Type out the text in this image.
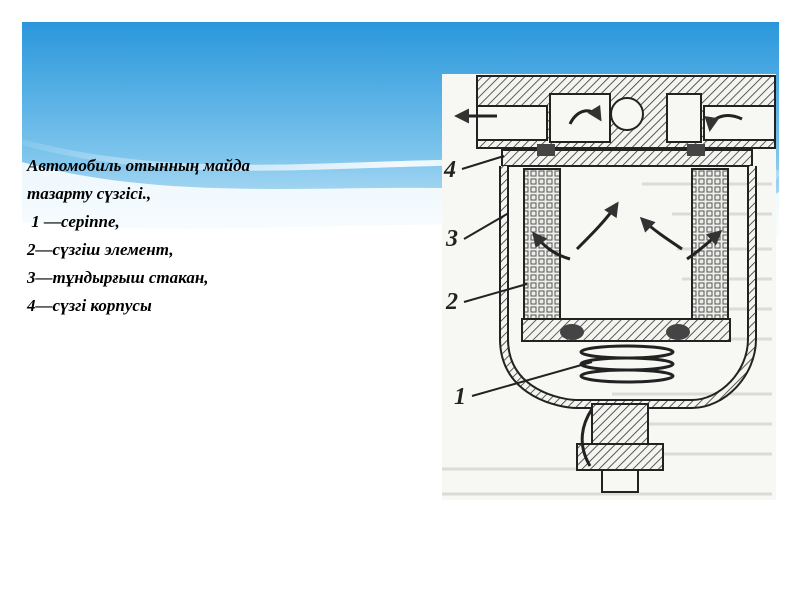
Автомобиль отынның майда
тазарту сүзгісі.,
1 —серіппе,
2—сүзгіш элемент,
3—тұндырғыш стакан,
4—сүзгі корпусы
4
3
2
1
